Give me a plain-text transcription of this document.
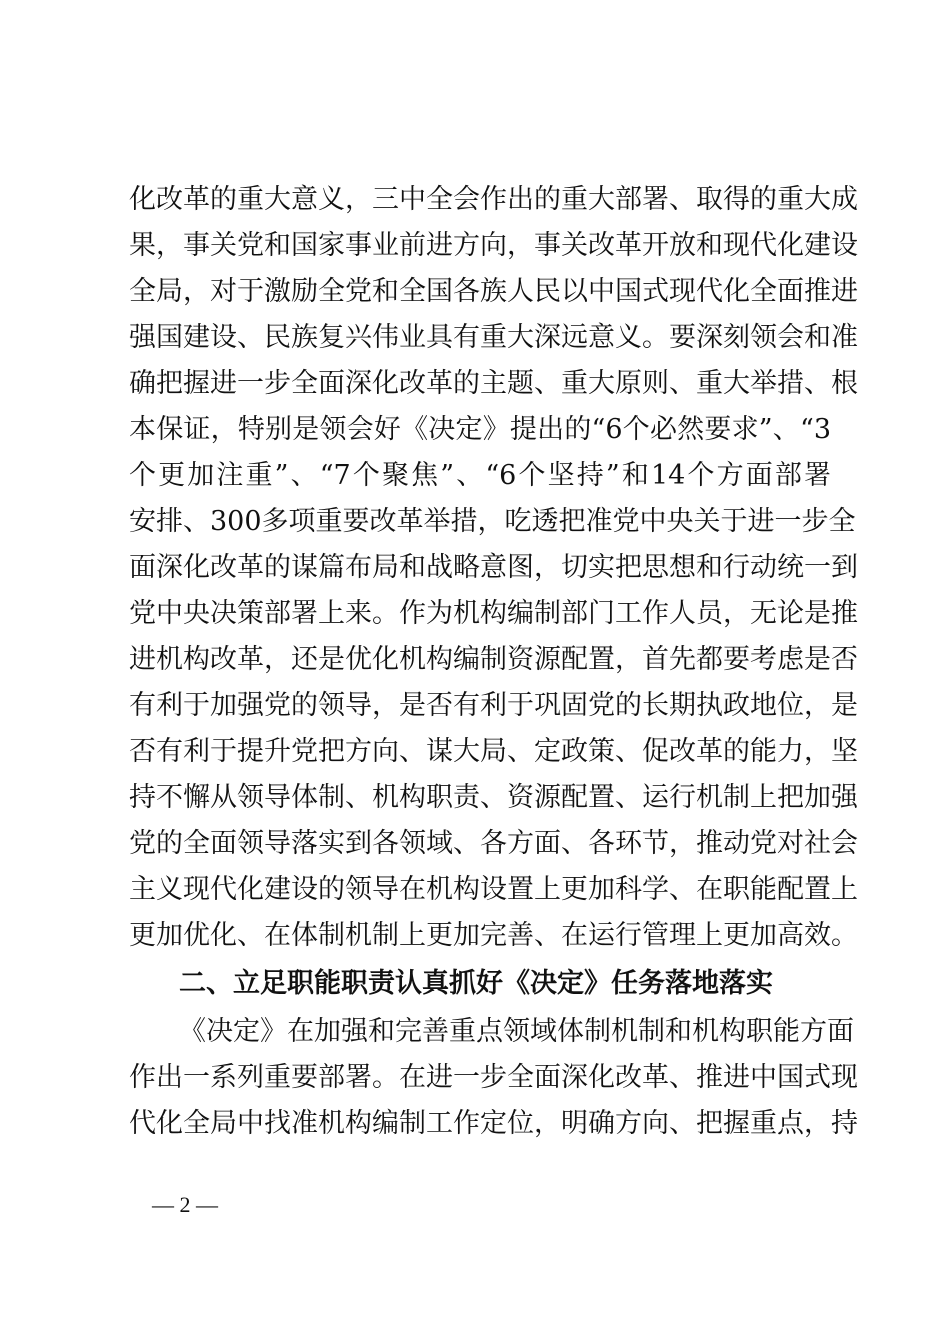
化改革的重大意义，三中全会作出的重大部署、取得的重大成
果，事关党和国家事业前进方向，事关改革开放和现代化建设
全局，对于激励全党和全国各族人民以中国式现代化全面推进
强国建设、民族复兴伟业具有重大深远意义。要深刻领会和准
确把握进一步全面深化改革的主题、重大原则、重大举措、根
本保证，特别是领会好《决定》提出的“6个必然要求”、“3
个更加注重”、“7个聚焦”、“6个坚持”和14个方面部署
安排、300多项重要改革举措，吃透把准党中央关于进一步全
面深化改革的谋篇布局和战略意图，切实把思想和行动统一到
党中央决策部署上来。作为机构编制部门工作人员，无论是推
进机构改革，还是优化机构编制资源配置，首先都要考虑是否
有利于加强党的领导，是否有利于巩固党的长期执政地位，是
否有利于提升党把方向、谋大局、定政策、促改革的能力，坚
持不懈从领导体制、机构职责、资源配置、运行机制上把加强
党的全面领导落实到各领域、各方面、各环节，推动党对社会
主义现代化建设的领导在机构设置上更加科学、在职能配置上
更加优化、在体制机制上更加完善、在运行管理上更加高效。
二、立足职能职责认真抓好《决定》任务落地落实
《决定》在加强和完善重点领域体制机制和机构职能方面
作出一系列重要部署。在进一步全面深化改革、推进中国式现
代化全局中找准机构编制工作定位，明确方向、把握重点，持
— 2 —
